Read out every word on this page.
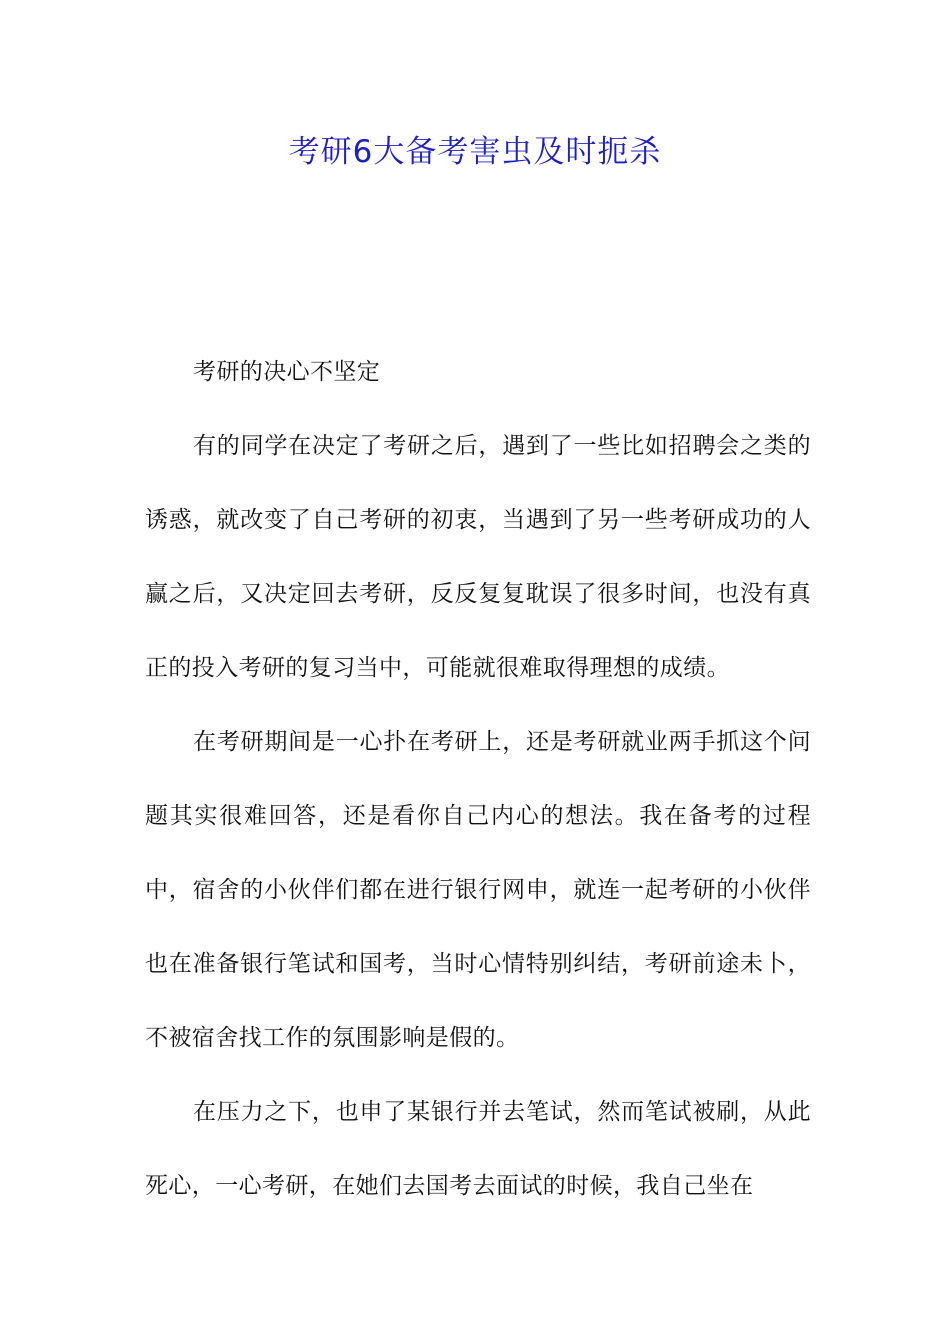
考研6大备考害虫及时扼杀

考研的决心不坚定

有的同学在决定了考研之后，遇到了一些比如招聘会之类的诱惑，就改变了自己考研的初衷，当遇到了另一些考研成功的人赢之后，又决定回去考研，反反复复耽误了很多时间，也没有真正的投入考研的复习当中，可能就很难取得理想的成绩。

在考研期间是一心扑在考研上，还是考研就业两手抓这个问题其实很难回答，还是看你自己内心的想法。我在备考的过程中，宿舍的小伙伴们都在进行银行网申，就连一起考研的小伙伴也在准备银行笔试和国考，当时心情特别纠结，考研前途未卜，不被宿舍找工作的氛围影响是假的。

在压力之下，也申了某银行并去笔试，然而笔试被刷，从此死心，一心考研，在她们去国考去面试的时候，我自己坐在
